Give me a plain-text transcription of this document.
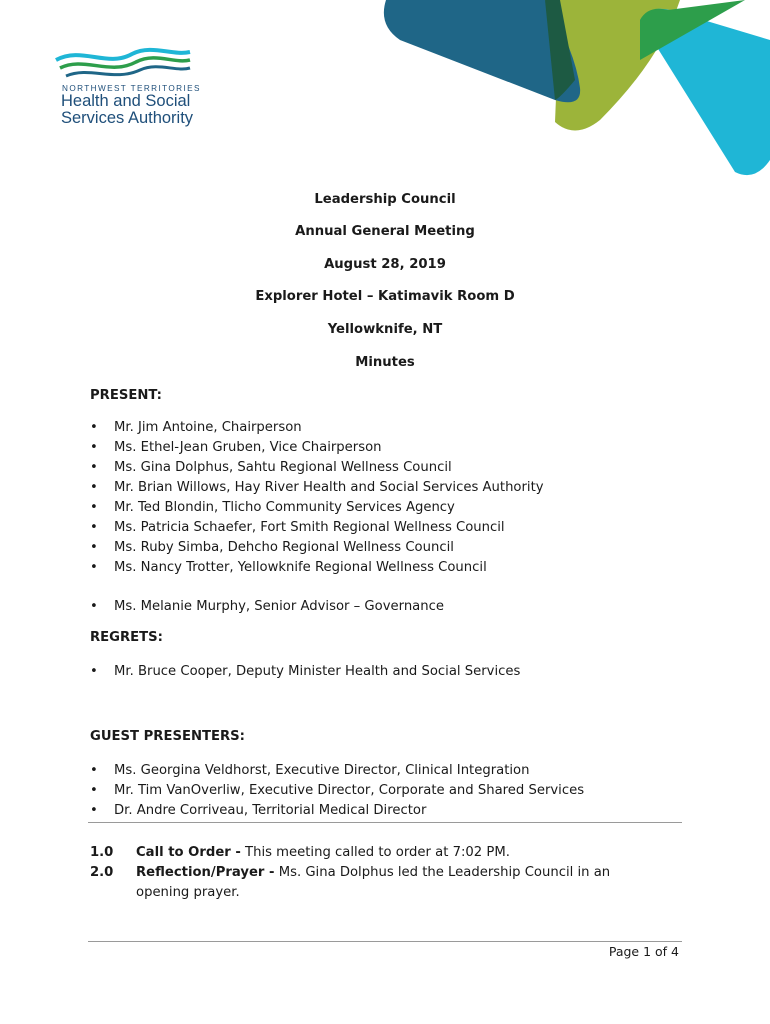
NORTHWEST TERRITORIES
Health and Social
Services Authority
Leadership Council
Annual General Meeting
August 28, 2019
Explorer Hotel – Katimavik Room D
Yellowknife, NT
Minutes
PRESENT:
• Mr. Jim Antoine, Chairperson
• Ms. Ethel-Jean Gruben, Vice Chairperson
• Ms. Gina Dolphus, Sahtu Regional Wellness Council
• Mr. Brian Willows, Hay River Health and Social Services Authority
• Mr. Ted Blondin, Tlicho Community Services Agency
• Ms. Patricia Schaefer, Fort Smith Regional Wellness Council
• Ms. Ruby Simba, Dehcho Regional Wellness Council
• Ms. Nancy Trotter, Yellowknife Regional Wellness Council
• Ms. Melanie Murphy, Senior Advisor – Governance
REGRETS:
• Mr. Bruce Cooper, Deputy Minister Health and Social Services
GUEST PRESENTERS:
• Ms. Georgina Veldhorst, Executive Director, Clinical Integration
• Mr. Tim VanOverliw, Executive Director, Corporate and Shared Services
• Dr. Andre Corriveau, Territorial Medical Director
1.0 Call to Order - This meeting called to order at 7:02 PM.
2.0 Reflection/Prayer - Ms. Gina Dolphus led the Leadership Council in an opening prayer.
Page 1 of 4
